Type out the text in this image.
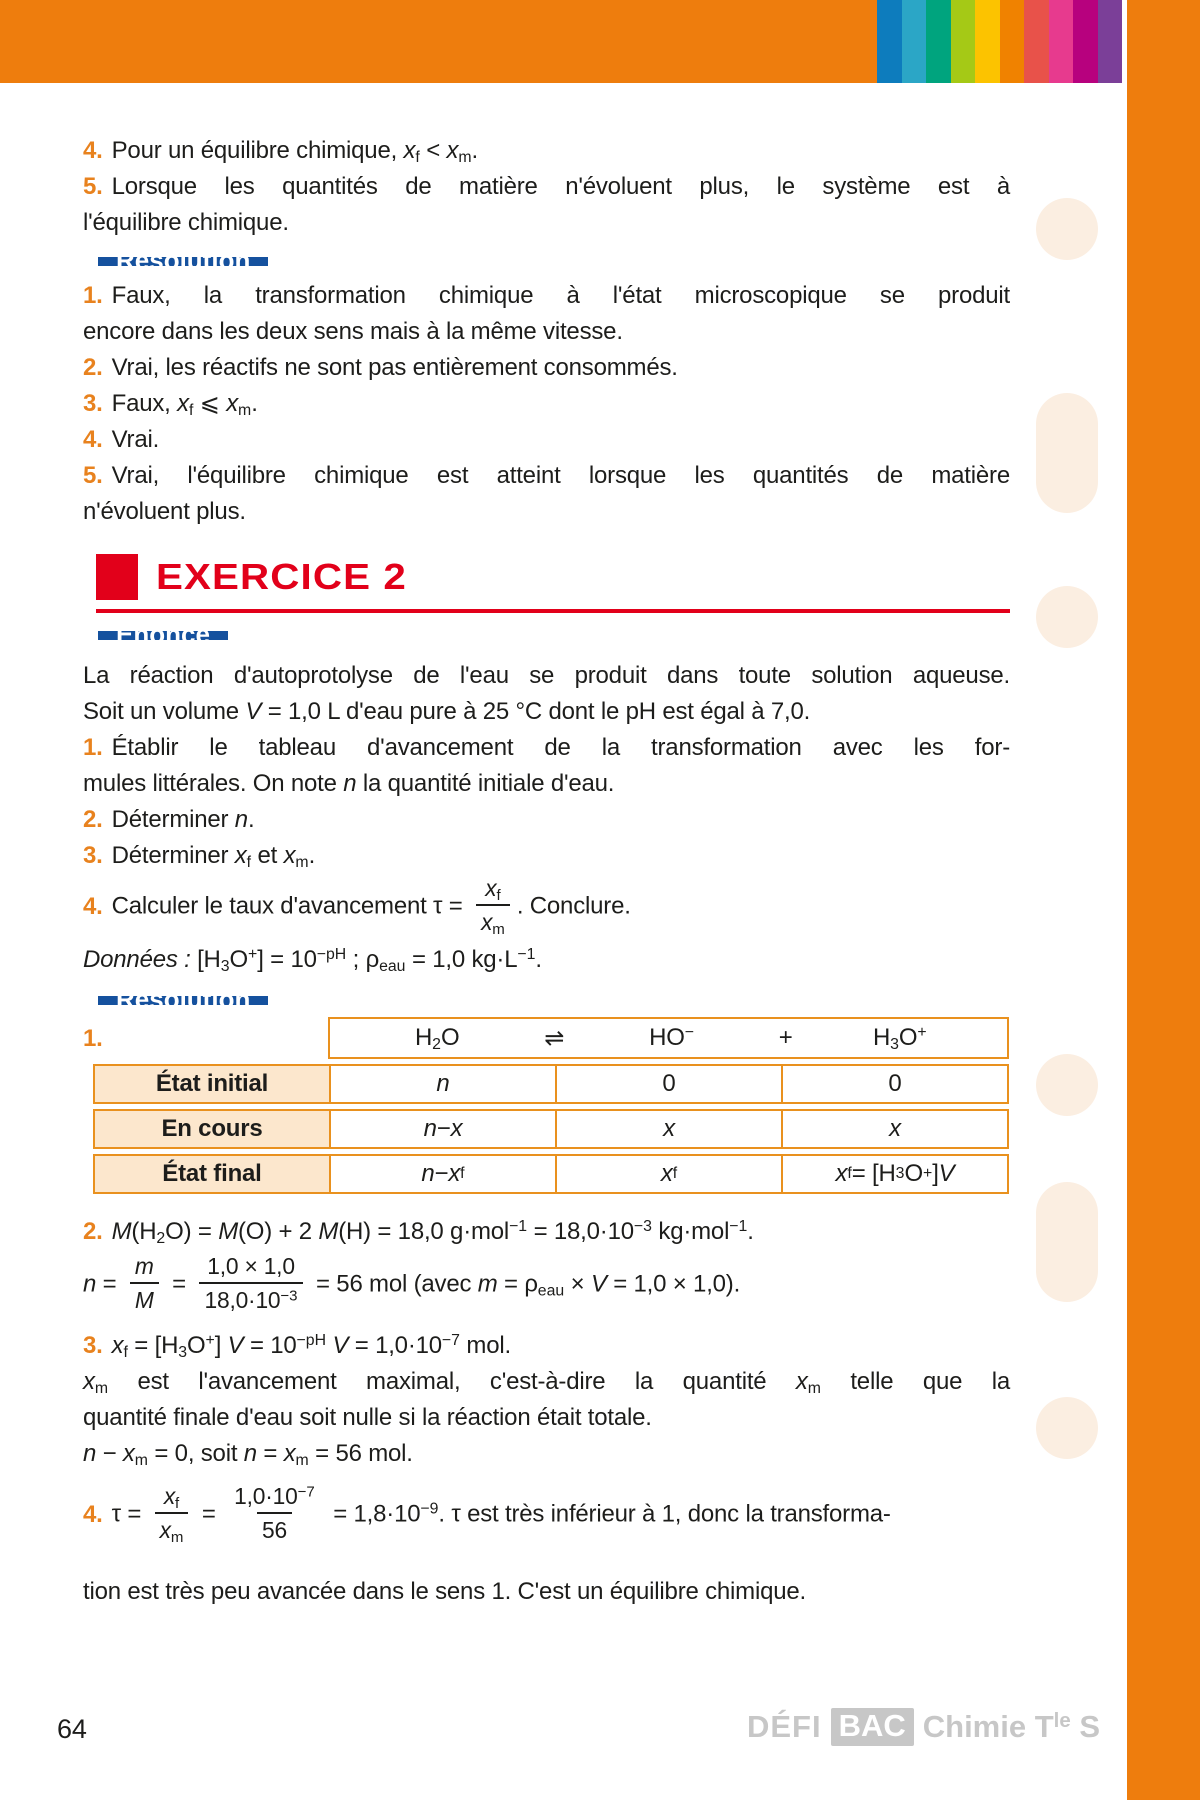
4. Pour un équilibre chimique, $x_f < x_m$.
5. Lorsque les quantités de matière n'évoluent plus, le système est à
l'équilibre chimique.
Résolution
1. Faux, la transformation chimique à l'état microscopique se produit
encore dans les deux sens mais à la même vitesse.
2. Vrai, les réactifs ne sont pas entièrement consommés.
3. Faux, $x_f$ ⩽ $x_m$.
4. Vrai.
5. Vrai, l'équilibre chimique est atteint lorsque les quantités de matière
n'évoluent plus.
EXERCICE 2
Énoncé
La réaction d'autoprotolyse de l'eau se produit dans toute solution aqueuse.
Soit un volume V = 1,0 L d'eau pure à 25 °C dont le pH est égal à 7,0.
1. Établir le tableau d'avancement de la transformation avec les for-
mules littérales. On note n la quantité initiale d'eau.
2. Déterminer n.
3. Déterminer $x_f$ et $x_m$.
4. Calculer le taux d'avancement $\tau = \frac{x_f}{x_m}$ . Conclure.
Données : $[H_3O^+] = 10^{-pH}$ ; $\rho_{eau} = 1,0$ $kg\cdot L^{-1}$.
Résolution
1.	$H_2O$	⇌	HO−	+	$H_3O^+$
État initial	n	0	0
En cours	n − x	x	x
État final	n − x f	x f	x f = [H 3 O + ] V
2. $M(H_2O) = M(O) + 2$ M(H) = 18,0 $g\cdot mol^{-1} = 18,0\cdot 10^{-3}$ kg·mol$^{-1}$.
$n = \frac{m}{M} = \frac{1,0 \times 1,0}{18,0\cdot 10^{-3}} = 56$ mol (avec $m = \rho_{eau} \times V = 1,0 \times 1,0$).
3. $x_f = [H_3O^+] V = 10^{-pH}$ $V = 1,0\cdot 10^{-7}$ mol.
$x_m$ est l'avancement maximal, c'est-à-dire la quantité $x_m$ telle que la
quantité finale d'eau soit nulle si la réaction était totale.
$n - x_m = 0$, soit $n = x_m = 56$ mol.
4. $\tau = \frac{x_f}{x_m} = \frac{1,0\cdot 10^{-7}}{56} = 1,8\cdot 10^{-9}$. τ est très inférieur à 1, donc la transforma-
tion est très peu avancée dans le sens 1. C'est un équilibre chimique.
64	DÉFI BAC Chimie $T^{le}$ S
